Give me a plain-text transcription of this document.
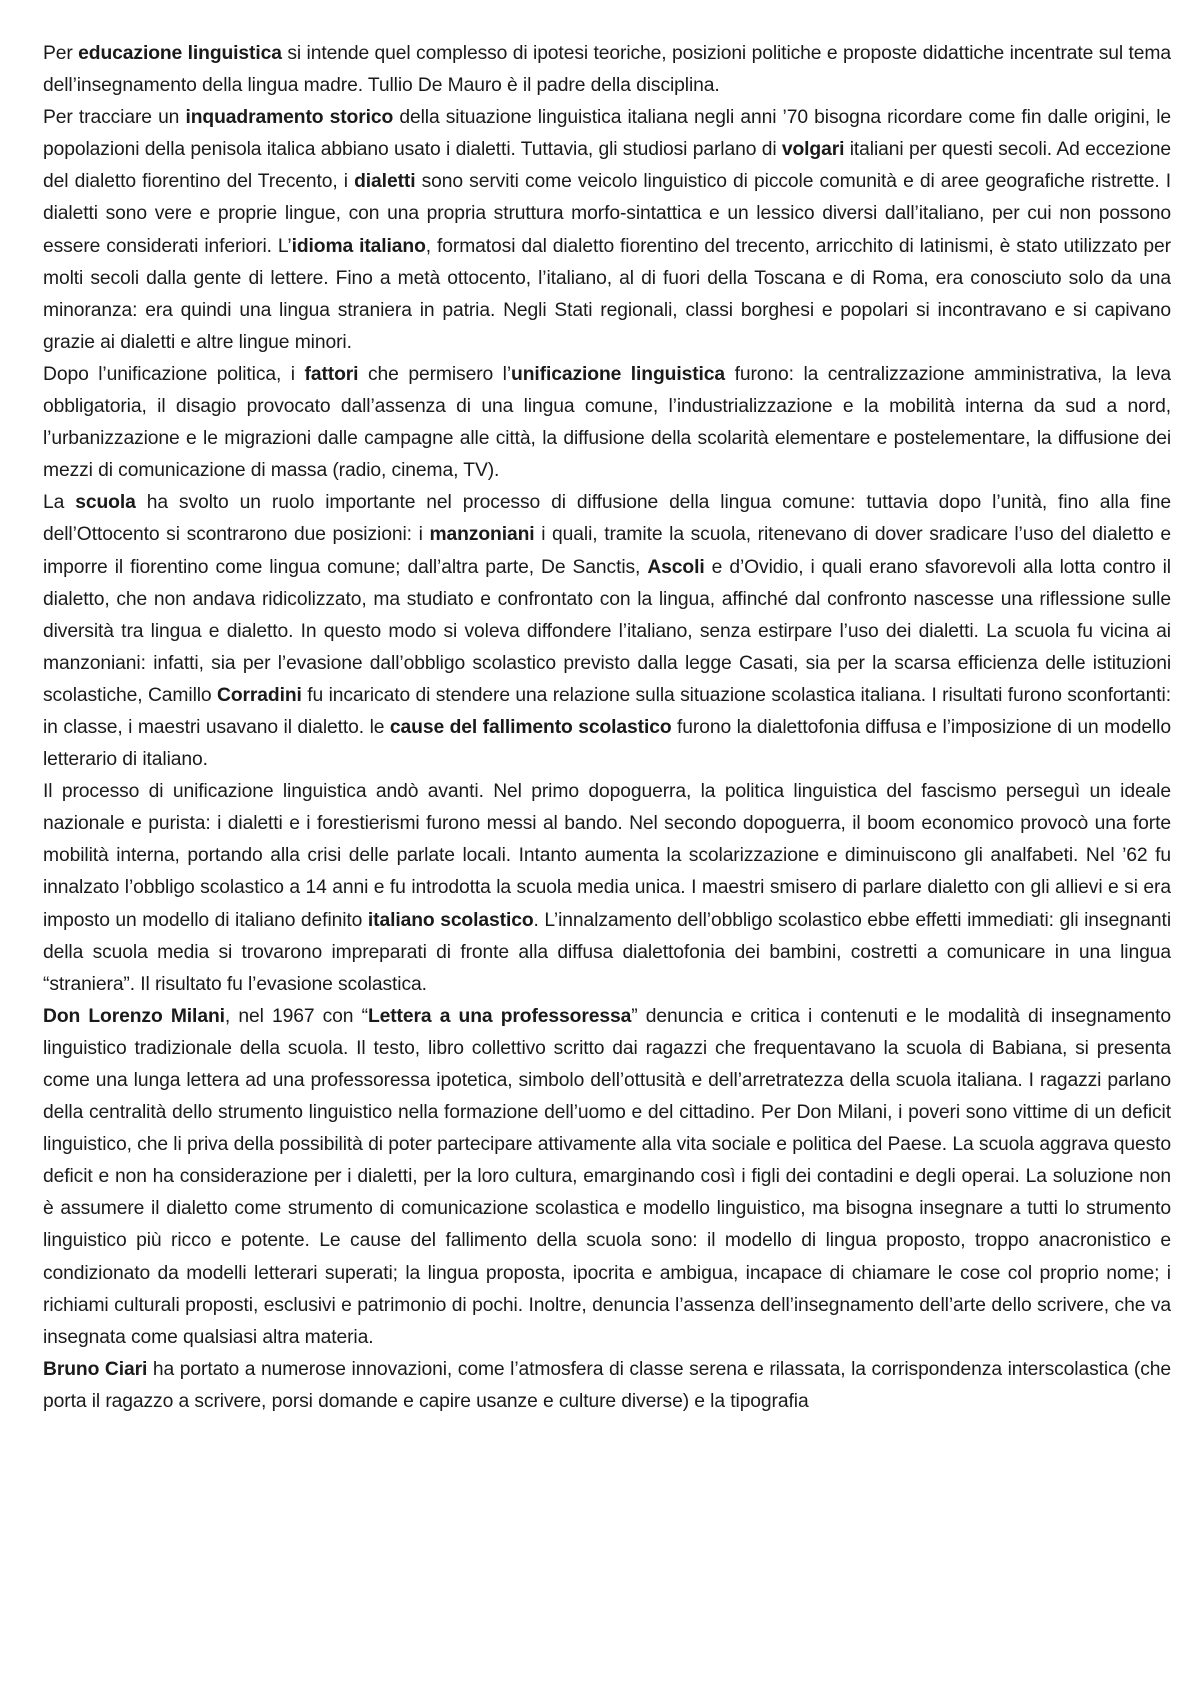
Per educazione linguistica si intende quel complesso di ipotesi teoriche, posizioni politiche e proposte didattiche incentrate sul tema dell’insegnamento della lingua madre. Tullio De Mauro è il padre della disciplina.

Per tracciare un inquadramento storico della situazione linguistica italiana negli anni ’70 bisogna ricordare come fin dalle origini, le popolazioni della penisola italica abbiano usato i dialetti. Tuttavia, gli studiosi parlano di volgari italiani per questi secoli. Ad eccezione del dialetto fiorentino del Trecento, i dialetti sono serviti come veicolo linguistico di piccole comunità e di aree geografiche ristrette. I dialetti sono vere e proprie lingue, con una propria struttura morfo-sintattica e un lessico diversi dall’italiano, per cui non possono essere considerati inferiori. L’idioma italiano, formatosi dal dialetto fiorentino del trecento, arricchito di latinismi, è stato utilizzato per molti secoli dalla gente di lettere. Fino a metà ottocento, l’italiano, al di fuori della Toscana e di Roma, era conosciuto solo da una minoranza: era quindi una lingua straniera in patria. Negli Stati regionali, classi borghesi e popolari si incontravano e si capivano grazie ai dialetti e altre lingue minori.

Dopo l’unificazione politica, i fattori che permisero l’unificazione linguistica furono: la centralizzazione amministrativa, la leva obbligatoria, il disagio provocato dall’assenza di una lingua comune, l’industrializzazione e la mobilità interna da sud a nord, l’urbanizzazione e le migrazioni dalle campagne alle città, la diffusione della scolarità elementare e postelementare, la diffusione dei mezzi di comunicazione di massa (radio, cinema, TV).

La scuola ha svolto un ruolo importante nel processo di diffusione della lingua comune: tuttavia dopo l’unità, fino alla fine dell’Ottocento si scontrarono due posizioni: i manzoniani i quali, tramite la scuola, ritenevano di dover sradicare l’uso del dialetto e imporre il fiorentino come lingua comune; dall’altra parte, De Sanctis, Ascoli e d’Ovidio, i quali erano sfavorevoli alla lotta contro il dialetto, che non andava ridicolizzato, ma studiato e confrontato con la lingua, affinché dal confronto nascesse una riflessione sulle diversità tra lingua e dialetto. In questo modo si voleva diffondere l’italiano, senza estirpare l’uso dei dialetti. La scuola fu vicina ai manzoniani: infatti, sia per l’evasione dall’obbligo scolastico previsto dalla legge Casati, sia per la scarsa efficienza delle istituzioni scolastiche, Camillo Corradini fu incaricato di stendere una relazione sulla situazione scolastica italiana. I risultati furono sconfortanti: in classe, i maestri usavano il dialetto. le cause del fallimento scolastico furono la dialettofonia diffusa e l’imposizione di un modello letterario di italiano.

Il processo di unificazione linguistica andò avanti. Nel primo dopoguerra, la politica linguistica del fascismo perseguì un ideale nazionale e purista: i dialetti e i forestierismi furono messi al bando. Nel secondo dopoguerra, il boom economico provocò una forte mobilità interna, portando alla crisi delle parlate locali. Intanto aumenta la scolarizzazione e diminuiscono gli analfabeti. Nel ’62 fu innalzato l’obbligo scolastico a 14 anni e fu introdotta la scuola media unica. I maestri smisero di parlare dialetto con gli allievi e si era imposto un modello di italiano definito italiano scolastico. L’innalzamento dell’obbligo scolastico ebbe effetti immediati: gli insegnanti della scuola media si trovarono impreparati di fronte alla diffusa dialettofonia dei bambini, costretti a comunicare in una lingua “straniera”. Il risultato fu l’evasione scolastica.

Don Lorenzo Milani, nel 1967 con “Lettera a una professoressa” denuncia e critica i contenuti e le modalità di insegnamento linguistico tradizionale della scuola. Il testo, libro collettivo scritto dai ragazzi che frequentavano la scuola di Babiana, si presenta come una lunga lettera ad una professoressa ipotetica, simbolo dell’ottusità e dell’arretratezza della scuola italiana. I ragazzi parlano della centralità dello strumento linguistico nella formazione dell’uomo e del cittadino. Per Don Milani, i poveri sono vittime di un deficit linguistico, che li priva della possibilità di poter partecipare attivamente alla vita sociale e politica del Paese. La scuola aggrava questo deficit e non ha considerazione per i dialetti, per la loro cultura, emarginando così i figli dei contadini e degli operai. La soluzione non è assumere il dialetto come strumento di comunicazione scolastica e modello linguistico, ma bisogna insegnare a tutti lo strumento linguistico più ricco e potente. Le cause del fallimento della scuola sono: il modello di lingua proposto, troppo anacronistico e condizionato da modelli letterari superati; la lingua proposta, ipocrita e ambigua, incapace di chiamare le cose col proprio nome; i richiami culturali proposti, esclusivi e patrimonio di pochi. Inoltre, denuncia l’assenza dell’insegnamento dell’arte dello scrivere, che va insegnata come qualsiasi altra materia.

Bruno Ciari ha portato a numerose innovazioni, come l’atmosfera di classe serena e rilassata, la corrispondenza interscolastica (che porta il ragazzo a scrivere, porsi domande e capire usanze e culture diverse) e la tipografia
